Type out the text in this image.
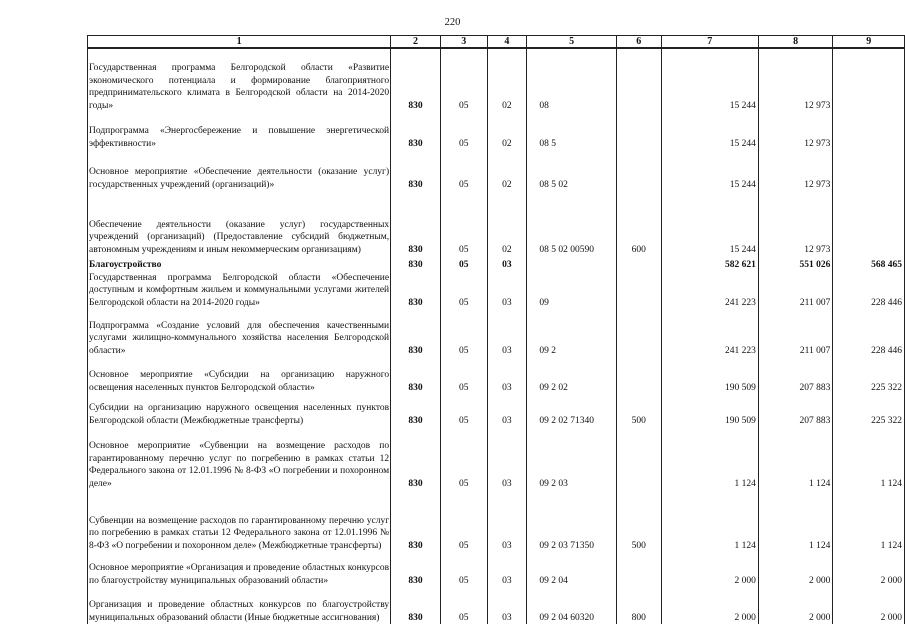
220
1	2	3	4	5	6	7	8	9
Государственная программа Белгородской области «Развитие экономического потенциала и формирование благоприятного предпринимательского климата в Белгородской области на 2014-2020 годы»	830	05	02	08		15 244	12 973	
Подпрограмма «Энергосбережение и повышение энергетической эффективности»	830	05	02	08 5		15 244	12 973	
Основное мероприятие «Обеспечение деятельности (оказание услуг) государственных учреждений (организаций)»	830	05	02	08 5 02		15 244	12 973	
Обеспечение деятельности (оказание услуг) государственных учреждений (организаций) (Предоставление субсидий бюджетным, автономным учреждениям и иным некоммерческим организациям)	830	05	02	08 5 02 00590	600	15 244	12 973	
Благоустройство	830	05	03			582 621	551 026	568 465
Государственная программа Белгородской области «Обеспечение доступным и комфортным жильем и коммунальными услугами жителей Белгородской области на 2014-2020 годы»	830	05	03	09		241 223	211 007	228 446
Подпрограмма «Создание условий для обеспечения качественными услугами жилищно-коммунального хозяйства населения Белгородской области»	830	05	03	09 2		241 223	211 007	228 446
Основное мероприятие «Субсидии на организацию наружного освещения населенных пунктов Белгородской области»	830	05	03	09 2 02		190 509	207 883	225 322
Субсидии на организацию наружного освещения населенных пунктов Белгородской области (Межбюджетные трансферты)	830	05	03	09 2 02 71340	500	190 509	207 883	225 322
Основное мероприятие «Субвенции на возмещение расходов по гарантированному перечню услуг по погребению в рамках статьи 12 Федерального закона от 12.01.1996 № 8-ФЗ «О погребении и похоронном деле»	830	05	03	09 2 03		1 124	1 124	1 124
Субвенции на возмещение расходов по гарантированному перечню услуг по погребению в рамках статьи 12 Федерального закона от 12.01.1996 № 8-ФЗ «О погребении и похоронном деле» (Межбюджетные трансферты)	830	05	03	09 2 03 71350	500	1 124	1 124	1 124
Основное мероприятие «Организация и проведение областных конкурсов по благоустройству муниципальных образований области»	830	05	03	09 2 04		2 000	2 000	2 000
Организация и проведение областных конкурсов по благоустройству муниципальных образований области (Иные бюджетные ассигнования)	830	05	03	09 2 04 60320	800	2 000	2 000	2 000
